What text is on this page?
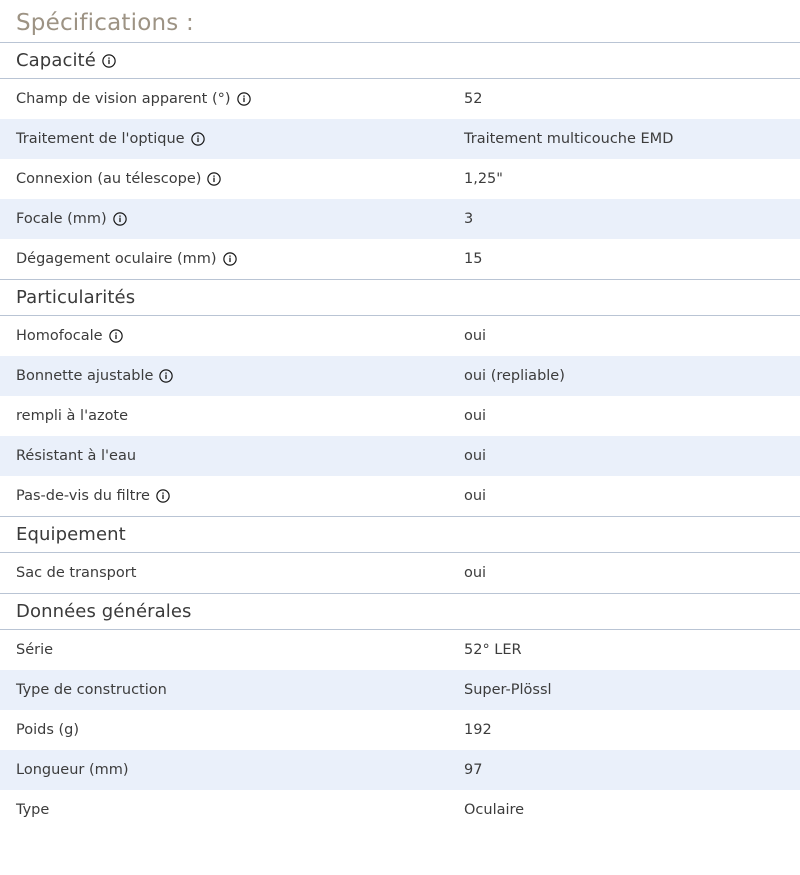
Spécifications :
Capacité	

Champ de vision apparent (°)	52

Traitement de l'optique	Traitement multicouche EMD

Connexion (au télescope)	1,25"

Focale (mm)	3

Dégagement oculaire (mm)	15

Particularités	

Homofocale	oui

Bonnette ajustable	oui (repliable)

rempli à l'azote	oui

Résistant à l'eau	oui

Pas-de-vis du filtre	oui

Equipement	

Sac de transport	oui

Données générales	

Série	52° LER

Type de construction	Super-Plössl

Poids (g)	192

Longueur (mm)	97

Type	Oculaire
